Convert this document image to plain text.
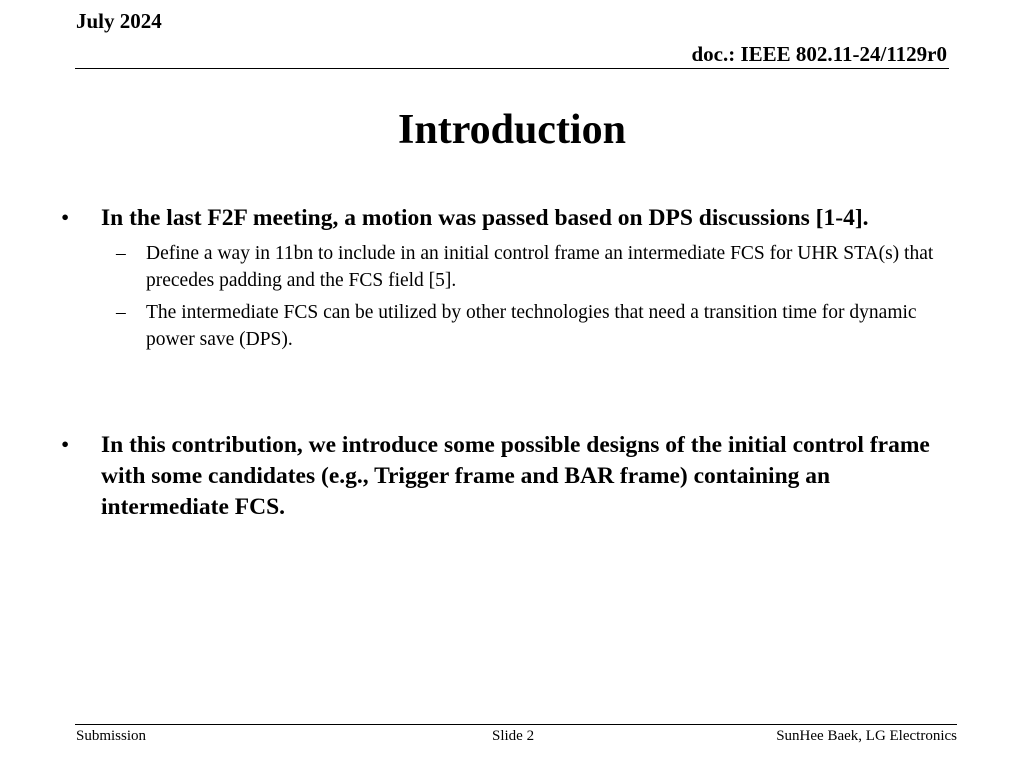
July 2024
doc.: IEEE 802.11-24/1129r0
Introduction
• In the last F2F meeting, a motion was passed based on DPS discussions [1-4].
– Define a way in 11bn to include in an initial control frame an intermediate FCS for UHR STA(s) that precedes padding and the FCS field [5].
– The intermediate FCS can be utilized by other technologies that need a transition time for dynamic power save (DPS).
• In this contribution, we introduce some possible designs of the initial control frame with some candidates (e.g., Trigger frame and BAR frame) containing an intermediate FCS.
Submission	Slide 2	SunHee Baek, LG Electronics
